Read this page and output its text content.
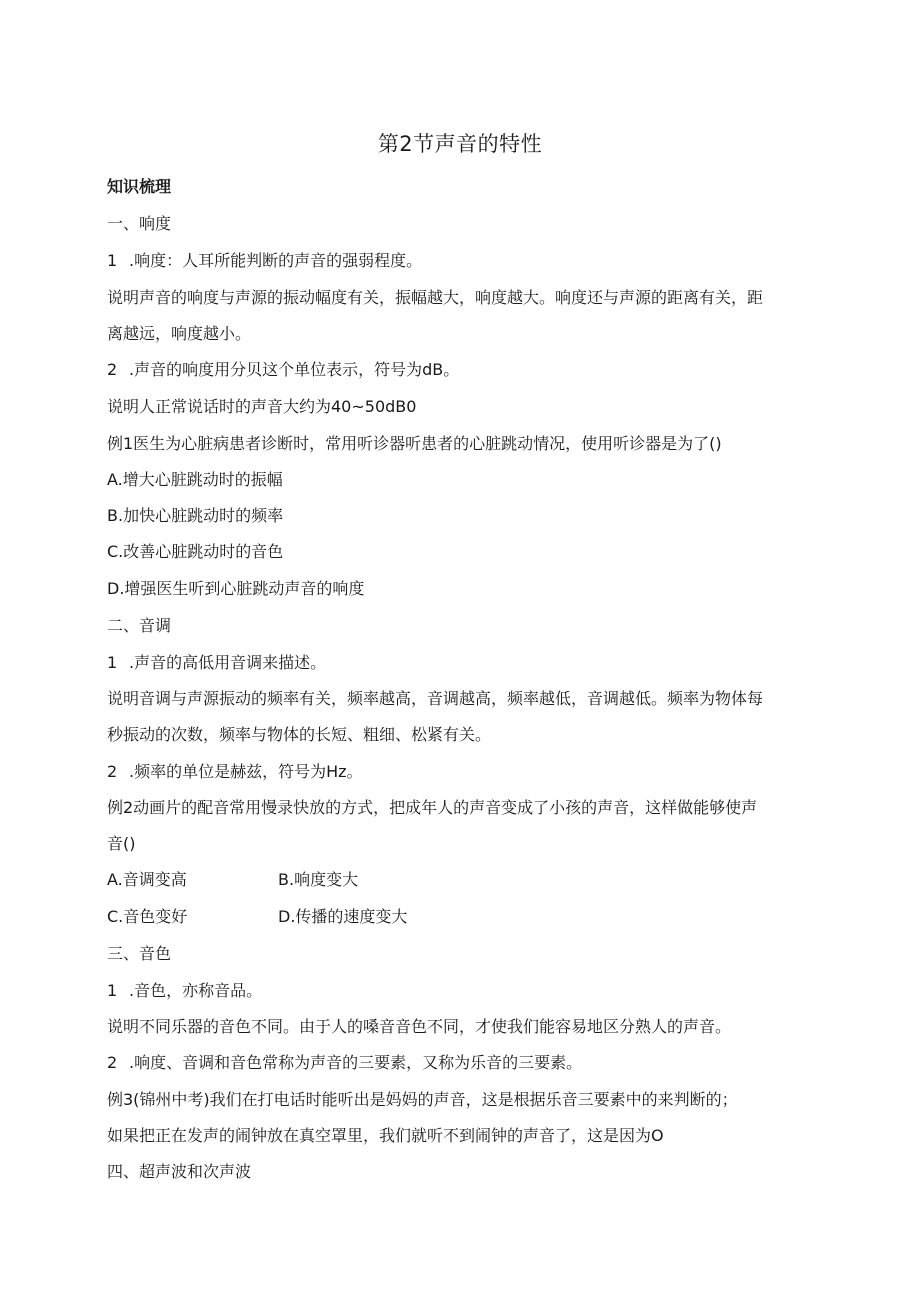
第2节声音的特性
知识梳理
一、响度
1 .响度：人耳所能判断的声音的强弱程度。
说明声音的响度与声源的振动幅度有关，振幅越大，响度越大。响度还与声源的距离有关，距
离越远，响度越小。
2 .声音的响度用分贝这个单位表示，符号为dB。
说明人正常说话时的声音大约为40~50dB0
例1医生为心脏病患者诊断时，常用听诊器听患者的心脏跳动情况，使用听诊器是为了()
A.增大心脏跳动时的振幅
B.加快心脏跳动时的频率
C.改善心脏跳动时的音色
D.增强医生听到心脏跳动声音的响度
二、音调
1 .声音的高低用音调来描述。
说明音调与声源振动的频率有关，频率越高，音调越高，频率越低，音调越低。频率为物体每
秒振动的次数，频率与物体的长短、粗细、松紧有关。
2 .频率的单位是赫兹，符号为Hz。
例2动画片的配音常用慢录快放的方式，把成年人的声音变成了小孩的声音，这样做能够使声
音()
A.音调变高	B.响度变大
C.音色变好	D.传播的速度变大
三、音色
1 .音色，亦称音品。
说明不同乐器的音色不同。由于人的嗓音音色不同，才使我们能容易地区分熟人的声音。
2 .响度、音调和音色常称为声音的三要素，又称为乐音的三要素。
例3(锦州中考)我们在打电话时能听出是妈妈的声音，这是根据乐音三要素中的来判断的；
如果把正在发声的闹钟放在真空罩里，我们就听不到闹钟的声音了，这是因为O
四、超声波和次声波
